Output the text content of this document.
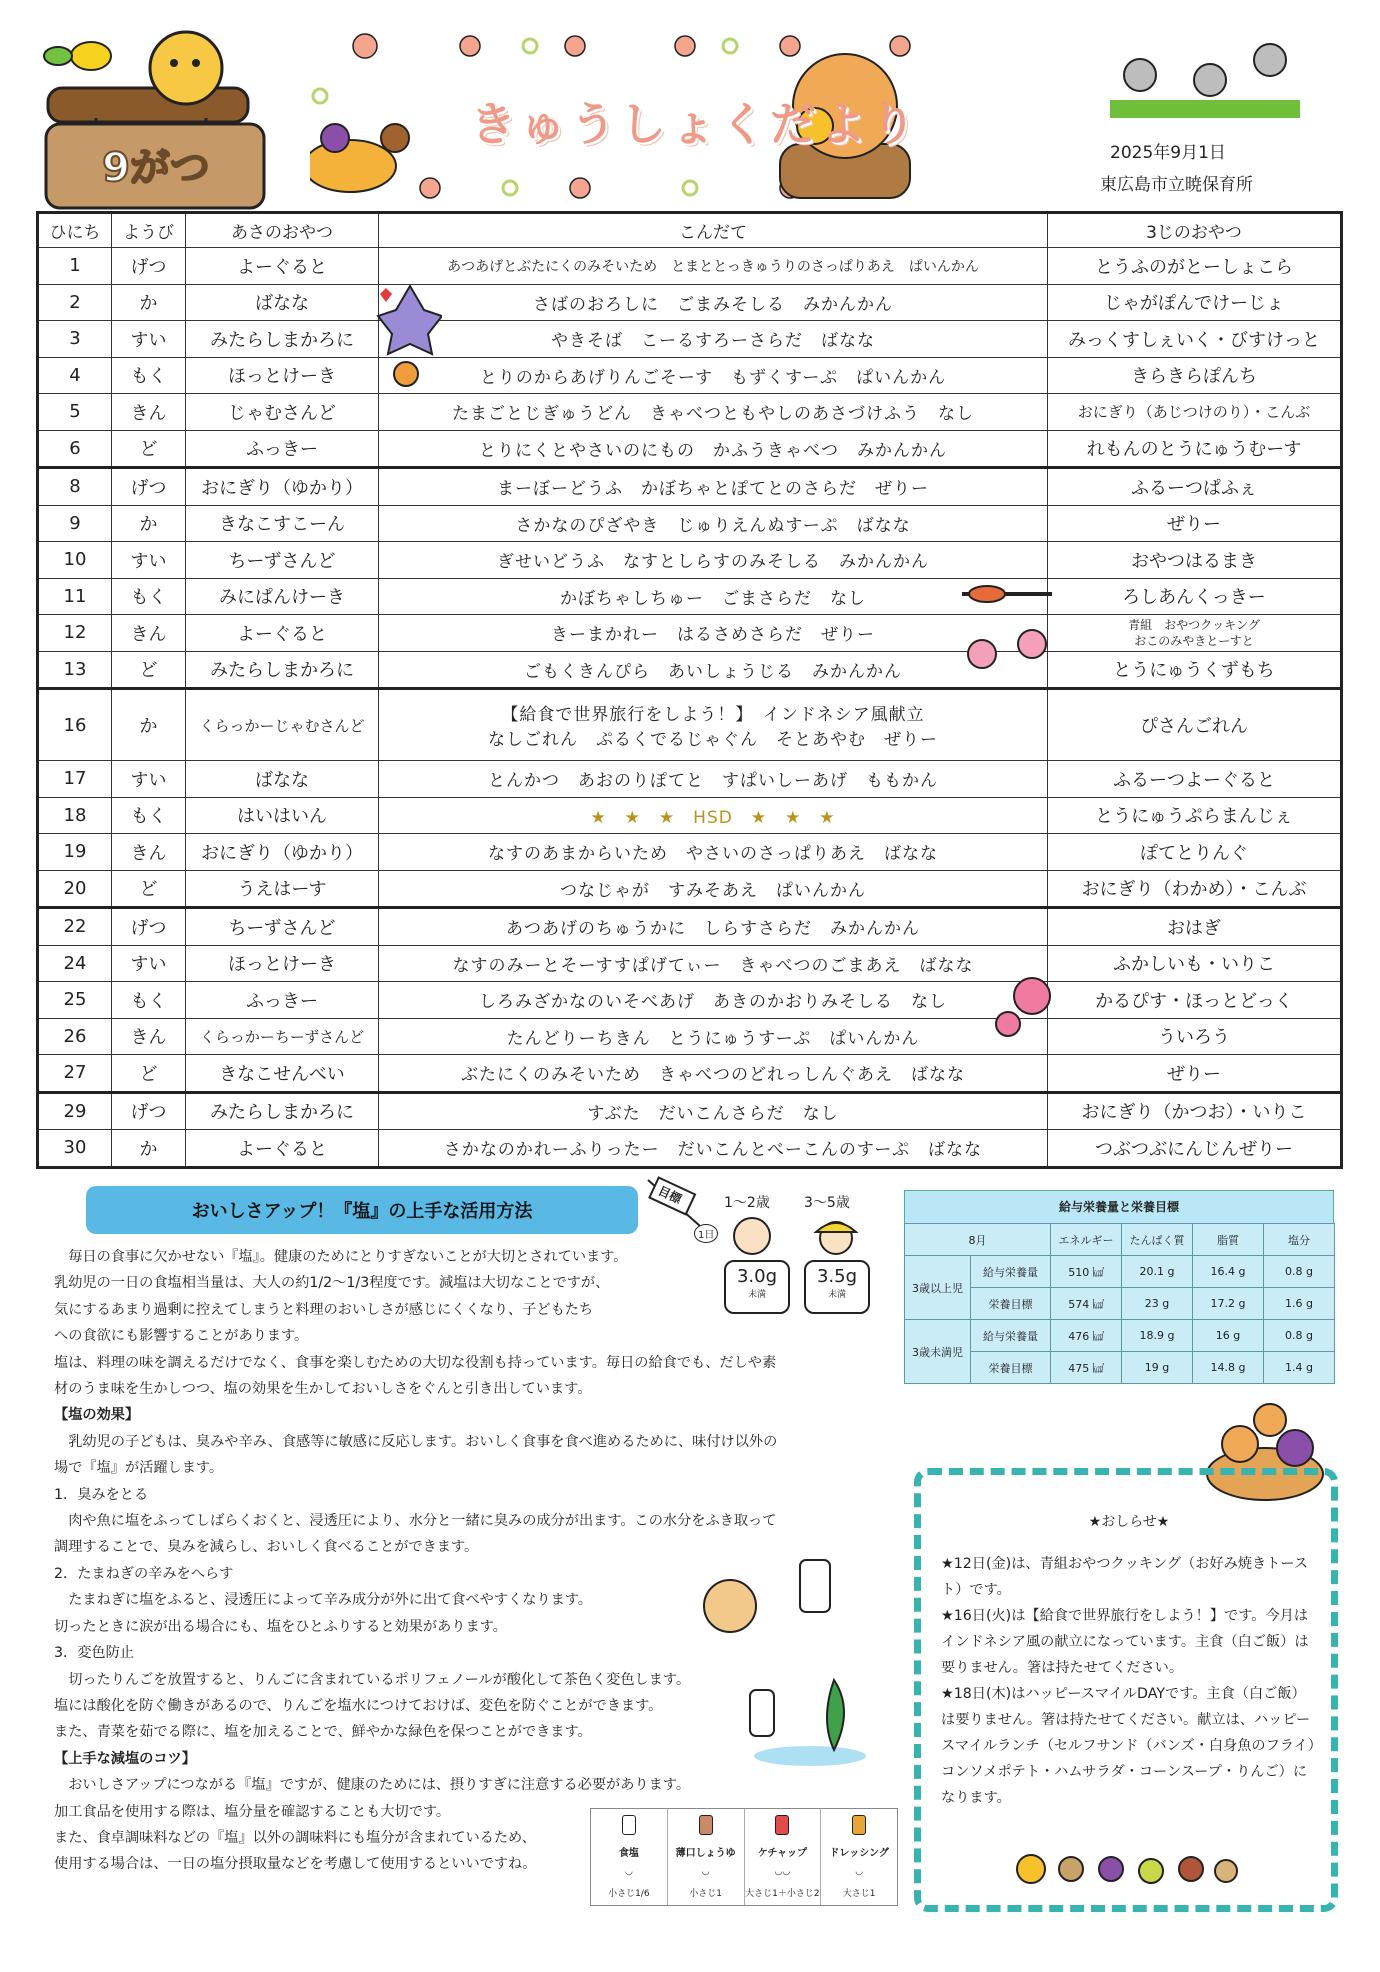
9がつ
きゅうしょくだより
2025年9月1日
東広島市立暁保育所
ひにち	ようび	あさのおやつ	こんだて	3じのおやつ
1	げつ	よーぐると	あつあげとぶたにくのみそいため　とまととっきゅうりのさっぱりあえ　ぱいんかん	とうふのがとーしょこら
2	か	ばなな	さばのおろしに　ごまみそしる　みかんかん	じゃがぽんでけーじょ
3	すい	みたらしまかろに	やきそば　こーるすろーさらだ　ばなな	みっくすしぇいく・びすけっと
4	もく	ほっとけーき	とりのからあげりんごそーす　もずくすーぷ　ぱいんかん	きらきらぽんち
5	きん	じゃむさんど	たまごとじぎゅうどん　きゃべつともやしのあさづけふう　なし	おにぎり（あじつけのり）・こんぶ
6	ど	ふっきー	とりにくとやさいのにもの　かふうきゃべつ　みかんかん	れもんのとうにゅうむーす
8	げつ	おにぎり（ゆかり）	まーぼーどうふ　かぼちゃとぽてとのさらだ　ぜりー	ふるーつぱふぇ
9	か	きなこすこーん	さかなのぴざやき　じゅりえんぬすーぷ　ばなな	ぜりー
10	すい	ちーずさんど	ぎせいどうふ　なすとしらすのみそしる　みかんかん	おやつはるまき
11	もく	みにぱんけーき	かぼちゃしちゅー　ごまさらだ　なし	ろしあんくっきー
12	きん	よーぐると	きーまかれー　はるさめさらだ　ぜりー	青組　おやつクッキング
おこのみやきとーすと
13	ど	みたらしまかろに	ごもくきんぴら　あいしょうじる　みかんかん	とうにゅうくずもち
16	か	くらっかーじゃむさんど	【給食で世界旅行をしよう！】　インドネシア風献立
なしごれん　ぷるくでるじゃぐん　そとあやむ　ぜりー	ぴさんごれん
17	すい	ばなな	とんかつ　あおのりぽてと　すぱいしーあげ　ももかん	ふるーつよーぐると
18	もく	はいはいん	★　★　★　HSD　★　★　★	とうにゅうぷらまんじぇ
19	きん	おにぎり（ゆかり）	なすのあまからいため　やさいのさっぱりあえ　ばなな	ぽてとりんぐ
20	ど	うえはーす	つなじゃが　すみそあえ　ぱいんかん	おにぎり（わかめ）・こんぶ
22	げつ	ちーずさんど	あつあげのちゅうかに　しらすさらだ　みかんかん	おはぎ
24	すい	ほっとけーき	なすのみーとそーすすぱげてぃー　きゃべつのごまあえ　ばなな	ふかしいも・いりこ
25	もく	ふっきー	しろみざかなのいそべあげ　あきのかおりみそしる　なし	かるぴす・ほっとどっく
26	きん	くらっかーちーずさんど	たんどりーちきん　とうにゅうすーぷ　ぱいんかん	ういろう
27	ど	きなこせんべい	ぶたにくのみそいため　きゃべつのどれっしんぐあえ　ばなな	ぜりー
29	げつ	みたらしまかろに	すぶた　だいこんさらだ　なし	おにぎり（かつお）・いりこ
30	か	よーぐると	さかなのかれーふりったー　だいこんとべーこんのすーぷ　ばなな	つぶつぶにんじんぜりー
おいしさアップ！『塩』の上手な活用方法
目標
1日
1〜2歳 3〜5歳
3.0g
未満
3.5g
未満

　毎日の食事に欠かせない『塩』。健康のためにとりすぎないことが大切とされています。

乳幼児の一日の食塩相当量は、大人の約1/2〜1/3程度です。減塩は大切なことですが、

気にするあまり過剰に控えてしまうと料理のおいしさが感じにくくなり、子どもたち

への食欲にも影響することがあります。

塩は、料理の味を調えるだけでなく、食事を楽しむための大切な役割も持っています。毎日の給食でも、だしや素

材のうま味を生かしつつ、塩の効果を生かしておいしさをぐんと引き出しています。

【塩の効果】

　乳幼児の子どもは、臭みや辛み、食感等に敏感に反応します。おいしく食事を食べ進めるために、味付け以外の

場で『塩』が活躍します。

1．臭みをとる

　肉や魚に塩をふってしばらくおくと、浸透圧により、水分と一緒に臭みの成分が出ます。この水分をふき取って

調理することで、臭みを減らし、おいしく食べることができます。

2．たまねぎの辛みをへらす

　たまねぎに塩をふると、浸透圧によって辛み成分が外に出て食べやすくなります。

切ったときに涙が出る場合にも、塩をひとふりすると効果があります。

3．変色防止

　切ったりんごを放置すると、りんごに含まれているポリフェノールが酸化して茶色く変色します。

塩には酸化を防ぐ働きがあるので、りんごを塩水につけておけば、変色を防ぐことができます。

また、青菜を茹でる際に、塩を加えることで、鮮やかな緑色を保つことができます。

【上手な減塩のコツ】

　おいしさアップにつながる『塩』ですが、健康のためには、摂りすぎに注意する必要があります。

加工食品を使用する際は、塩分量を確認することも大切です。

また、食卓調味料などの『塩』以外の調味料にも塩分が含まれているため、

使用する場合は、一日の塩分摂取量などを考慮して使用するといいですね。

食塩
◡
小さじ1/6
薄口しょうゆ
◡
小さじ1
ケチャップ
◡◡
大さじ1＋小さじ2
ドレッシング
◡
大さじ1
給与栄養量と栄養目標
8月		エネルギー	たんぱく質	脂質	塩分
3歳以上児	給与栄養量	510 ㎉	20.1 g	16.4 g	0.8 g
	栄養目標	574 ㎉	23 g	17.2 g	1.6 g
3歳未満児	給与栄養量	476 ㎉	18.9 g	16 g	0.8 g
	栄養目標	475 ㎉	19 g	14.8 g	1.4 g
★おしらせ★

★12日(金)は、青組おやつクッキング（お好み焼きトースト）です。

★16日(火)は【給食で世界旅行をしよう！】です。今月はインドネシア風の献立になっています。主食（白ご飯）は要りません。箸は持たせてください。

★18日(木)はハッピースマイルDAYです。主食（白ご飯）は要りません。箸は持たせてください。献立は、ハッピースマイルランチ（セルフサンド（バンズ・白身魚のフライ）コンソメポテト・ハムサラダ・コーンスープ・りんご）になります。
